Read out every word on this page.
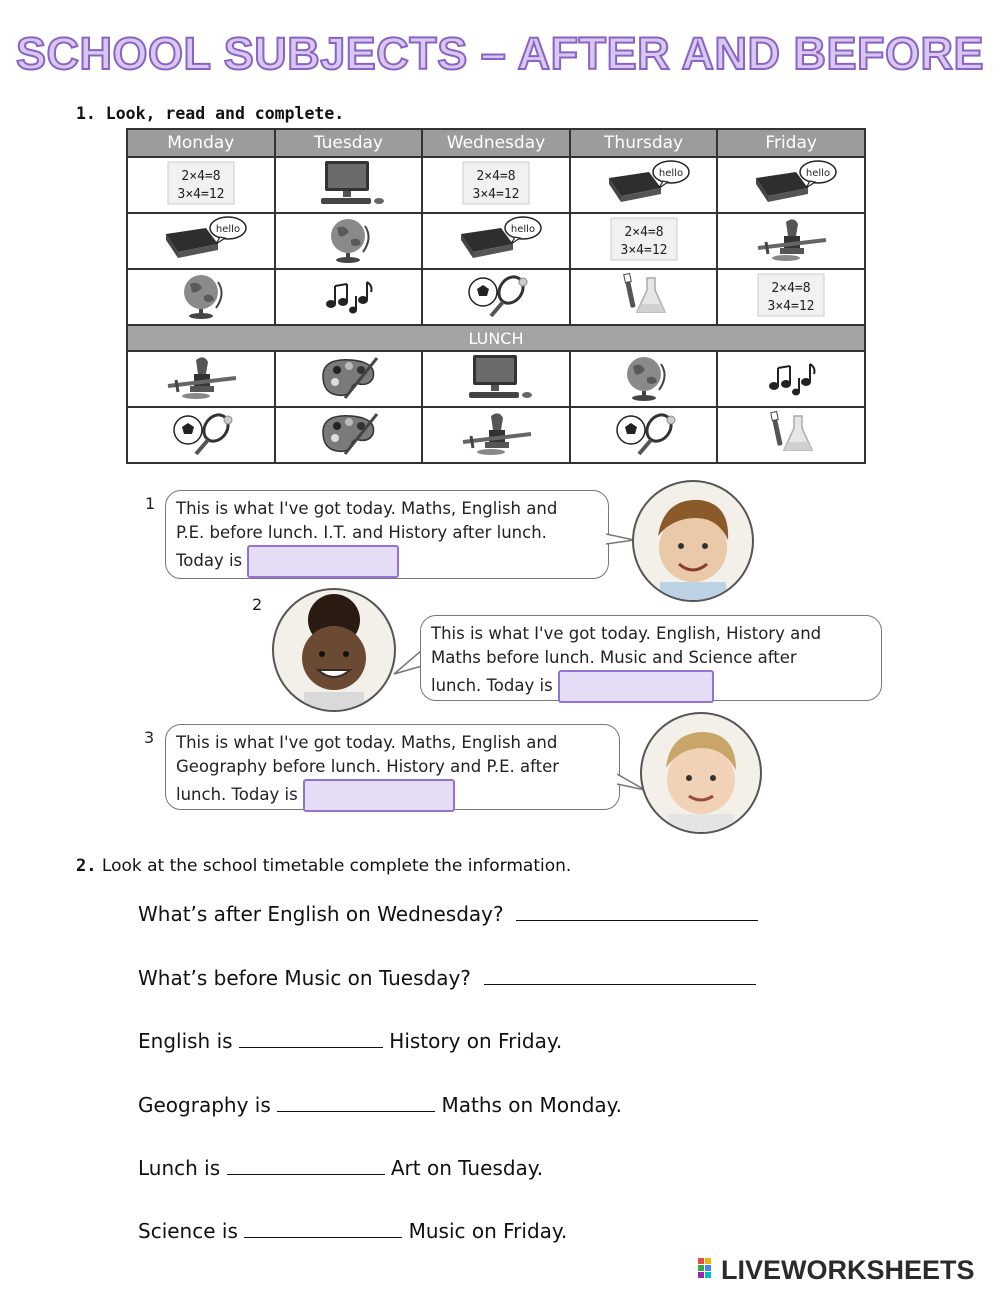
SCHOOL SUBJECTS – AFTER AND BEFORE
1. Look, read and complete.
Monday	Tuesday	Wednesday	Thursday	Friday

LUNCH				

1 This is what I've got today. Maths, English and
P.E. before lunch. I.T. and History after lunch.
Today is
2
This is what I've got today. English, History and
Maths before lunch. Music and Science after
lunch. Today is
3 This is what I've got today. Maths, English and
Geography before lunch. History and P.E. after
lunch. Today is
2. Look at the school timetable complete the information.
What’s after English on Wednesday?
What’s before Music on Tuesday?
English is	History on Friday.
Geography is	Maths on Monday.
Lunch is	Art on Tuesday.
Science is	Music on Friday.
LIVEWORKSHEETS
